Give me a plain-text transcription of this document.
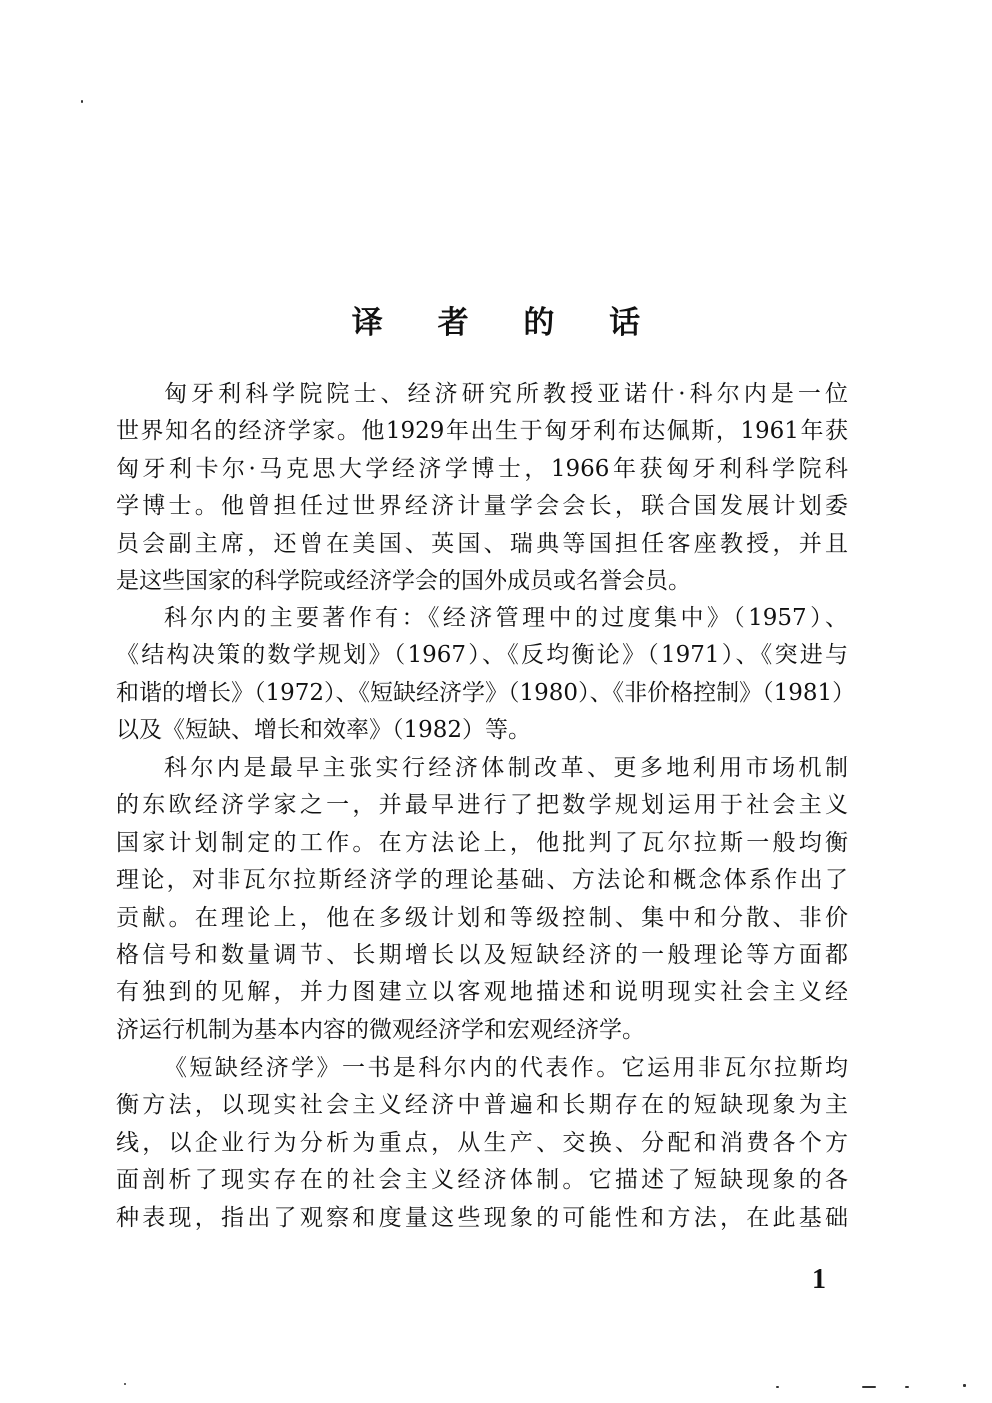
译 者 的 话
匈牙利科学院院士、经济研究所教授亚诺什·科尔内是一位
世界知名的经济学家。他1929年出生于匈牙利布达佩斯，1961年获
匈牙利卡尔·马克思大学经济学博士，1966年获匈牙利科学院科
学博士。他曾担任过世界经济计量学会会长，联合国发展计划委
员会副主席，还曾在美国、英国、瑞典等国担任客座教授，并且
是这些国家的科学院或经济学会的国外成员或名誉会员。
科尔内的主要著作有：《经济管理中的过度集中》（1957）、
《结构决策的数学规划》（1967）、《反均衡论》（1971）、《突进与
和谐的增长》（1972）、《短缺经济学》（1980）、《非价格控制》（1981）
以及《短缺、增长和效率》（1982）等。
科尔内是最早主张实行经济体制改革、更多地利用市场机制
的东欧经济学家之一，并最早进行了把数学规划运用于社会主义
国家计划制定的工作。在方法论上，他批判了瓦尔拉斯一般均衡
理论，对非瓦尔拉斯经济学的理论基础、方法论和概念体系作出了
贡献。在理论上，他在多级计划和等级控制、集中和分散、非价
格信号和数量调节、长期增长以及短缺经济的一般理论等方面都
有独到的见解，并力图建立以客观地描述和说明现实社会主义经
济运行机制为基本内容的微观经济学和宏观经济学。
《短缺经济学》一书是科尔内的代表作。它运用非瓦尔拉斯均
衡方法，以现实社会主义经济中普遍和长期存在的短缺现象为主
线，以企业行为分析为重点，从生产、交换、分配和消费各个方
面剖析了现实存在的社会主义经济体制。它描述了短缺现象的各
种表现，指出了观察和度量这些现象的可能性和方法，在此基础
1
